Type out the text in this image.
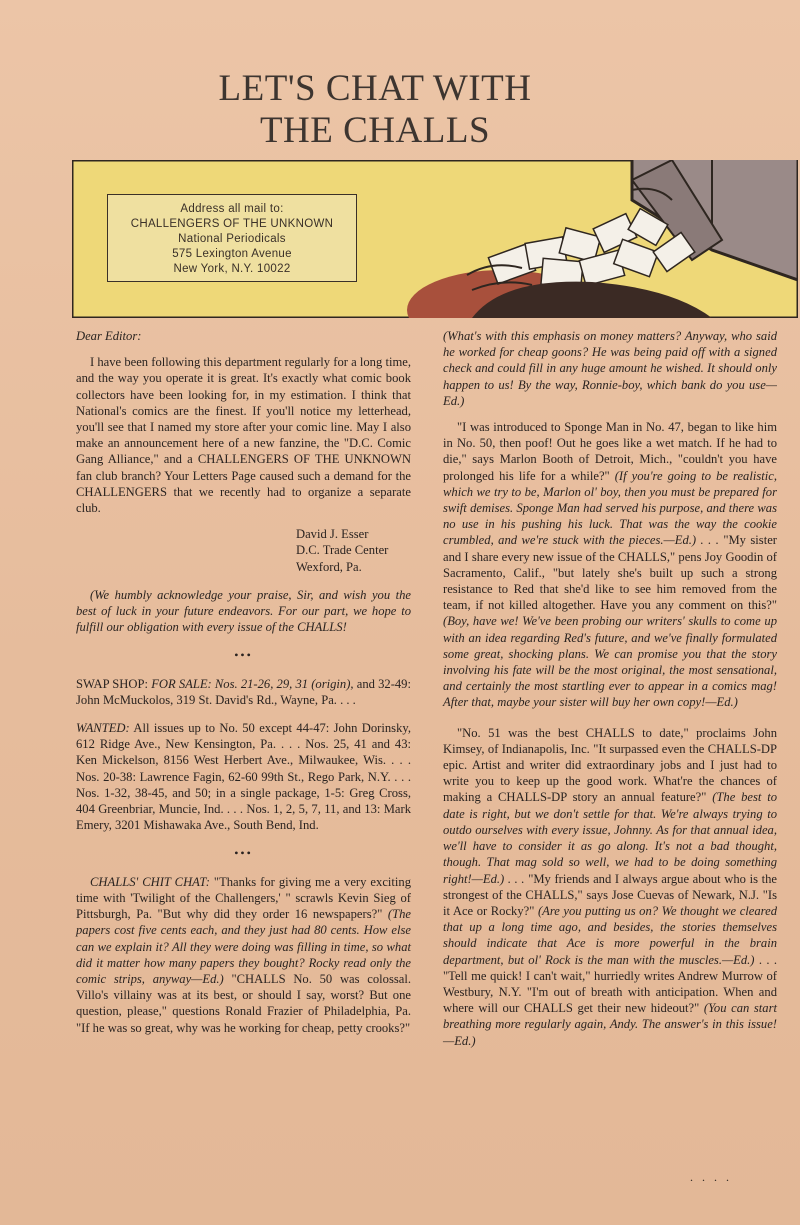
LET'S CHAT WITH
THE CHALLS
Address all mail to:
CHALLENGERS OF THE UNKNOWN
National Periodicals
575 Lexington Avenue
New York, N.Y. 10022

Dear Editor:

I have been following this department regularly for a long time, and the way you operate it is great. It's exactly what comic book collectors have been looking for, in my estimation. I think that National's comics are the finest. If you'll notice my letterhead, you'll see that I named my store after your comic line. May I also make an announcement here of a new fanzine, the "D.C. Comic Gang Alliance," and a CHALLENGERS OF THE UNKNOWN fan club branch? Your Letters Page caused such a demand for the CHALLENGERS that we recently had to organize a separate club.

David J. Esser
D.C. Trade Center
Wexford, Pa.

(We humbly acknowledge your praise, Sir, and wish you the best of luck in your future endeavors. For our part, we hope to fulfill our obligation with every issue of the CHALLS!

•••

SWAP SHOP: FOR SALE: Nos. 21-26, 29, 31 (origin), and 32-49: John McMuckolos, 319 St. David's Rd., Wayne, Pa. . . .

WANTED: All issues up to No. 50 except 44-47: John Dorinsky, 612 Ridge Ave., New Kensington, Pa. . . . Nos. 25, 41 and 43: Ken Mickelson, 8156 West Herbert Ave., Milwaukee, Wis. . . . Nos. 20-38: Lawrence Fagin, 62-60 99th St., Rego Park, N.Y. . . . Nos. 1-32, 38-45, and 50; in a single package, 1-5: Greg Cross, 404 Greenbriar, Muncie, Ind. . . . Nos. 1, 2, 5, 7, 11, and 13: Mark Emery, 3201 Mishawaka Ave., South Bend, Ind.

•••

CHALLS' CHIT CHAT: "Thanks for giving me a very exciting time with 'Twilight of the Challengers,' " scrawls Kevin Sieg of Pittsburgh, Pa. "But why did they order 16 newspapers?" (The papers cost five cents each, and they just had 80 cents. How else can we explain it? All they were doing was filling in time, so what did it matter how many papers they bought? Rocky read only the comic strips, anyway—Ed.) "CHALLS No. 50 was colossal. Villo's villainy was at its best, or should I say, worst? But one question, please," questions Ronald Frazier of Philadelphia, Pa. "If he was so great, why was he working for cheap, petty crooks?"

(What's with this emphasis on money matters? Anyway, who said he worked for cheap goons? He was being paid off with a signed check and could fill in any huge amount he wished. It should only happen to us! By the way, Ronnie-boy, which bank do you use—Ed.)

"I was introduced to Sponge Man in No. 47, began to like him in No. 50, then poof! Out he goes like a wet match. If he had to die," says Marlon Booth of Detroit, Mich., "couldn't you have prolonged his life for a while?" (If you're going to be realistic, which we try to be, Marlon ol' boy, then you must be prepared for swift demises. Sponge Man had served his purpose, and there was no use in his pushing his luck. That was the way the cookie crumbled, and we're stuck with the pieces.—Ed.) . . . "My sister and I share every new issue of the CHALLS," pens Joy Goodin of Sacramento, Calif., "but lately she's built up such a strong resistance to Red that she'd like to see him removed from the team, if not killed altogether. Have you any comment on this?" (Boy, have we! We've been probing our writers' skulls to come up with an idea regarding Red's future, and we've finally formulated some great, shocking plans. We can promise you that the story involving his fate will be the most original, the most sensational, and certainly the most startling ever to appear in a comics mag! After that, maybe your sister will buy her own copy!—Ed.)

"No. 51 was the best CHALLS to date," proclaims John Kimsey, of Indianapolis, Inc. "It surpassed even the CHALLS-DP epic. Artist and writer did extraordinary jobs and I just had to write you to keep up the good work. What're the chances of making a CHALLS-DP story an annual feature?" (The best to date is right, but we don't settle for that. We're always trying to outdo ourselves with every issue, Johnny. As for that annual idea, we'll have to consider it as go along. It's not a bad thought, though. That mag sold so well, we had to be doing something right!—Ed.) . . . "My friends and I always argue about who is the strongest of the CHALLS," says Jose Cuevas of Newark, N.J. "Is it Ace or Rocky?" (Are you putting us on? We thought we cleared that up a long time ago, and besides, the stories themselves should indicate that Ace is more powerful in the brain department, but ol' Rock is the man with the muscles.—Ed.) . . . "Tell me quick! I can't wait," hurriedly writes Andrew Murrow of Westbury, N.Y. "I'm out of breath with anticipation. When and where will our CHALLS get their new hideout?" (You can start breathing more regularly again, Andy. The answer's in this issue!—Ed.)

. . . .
